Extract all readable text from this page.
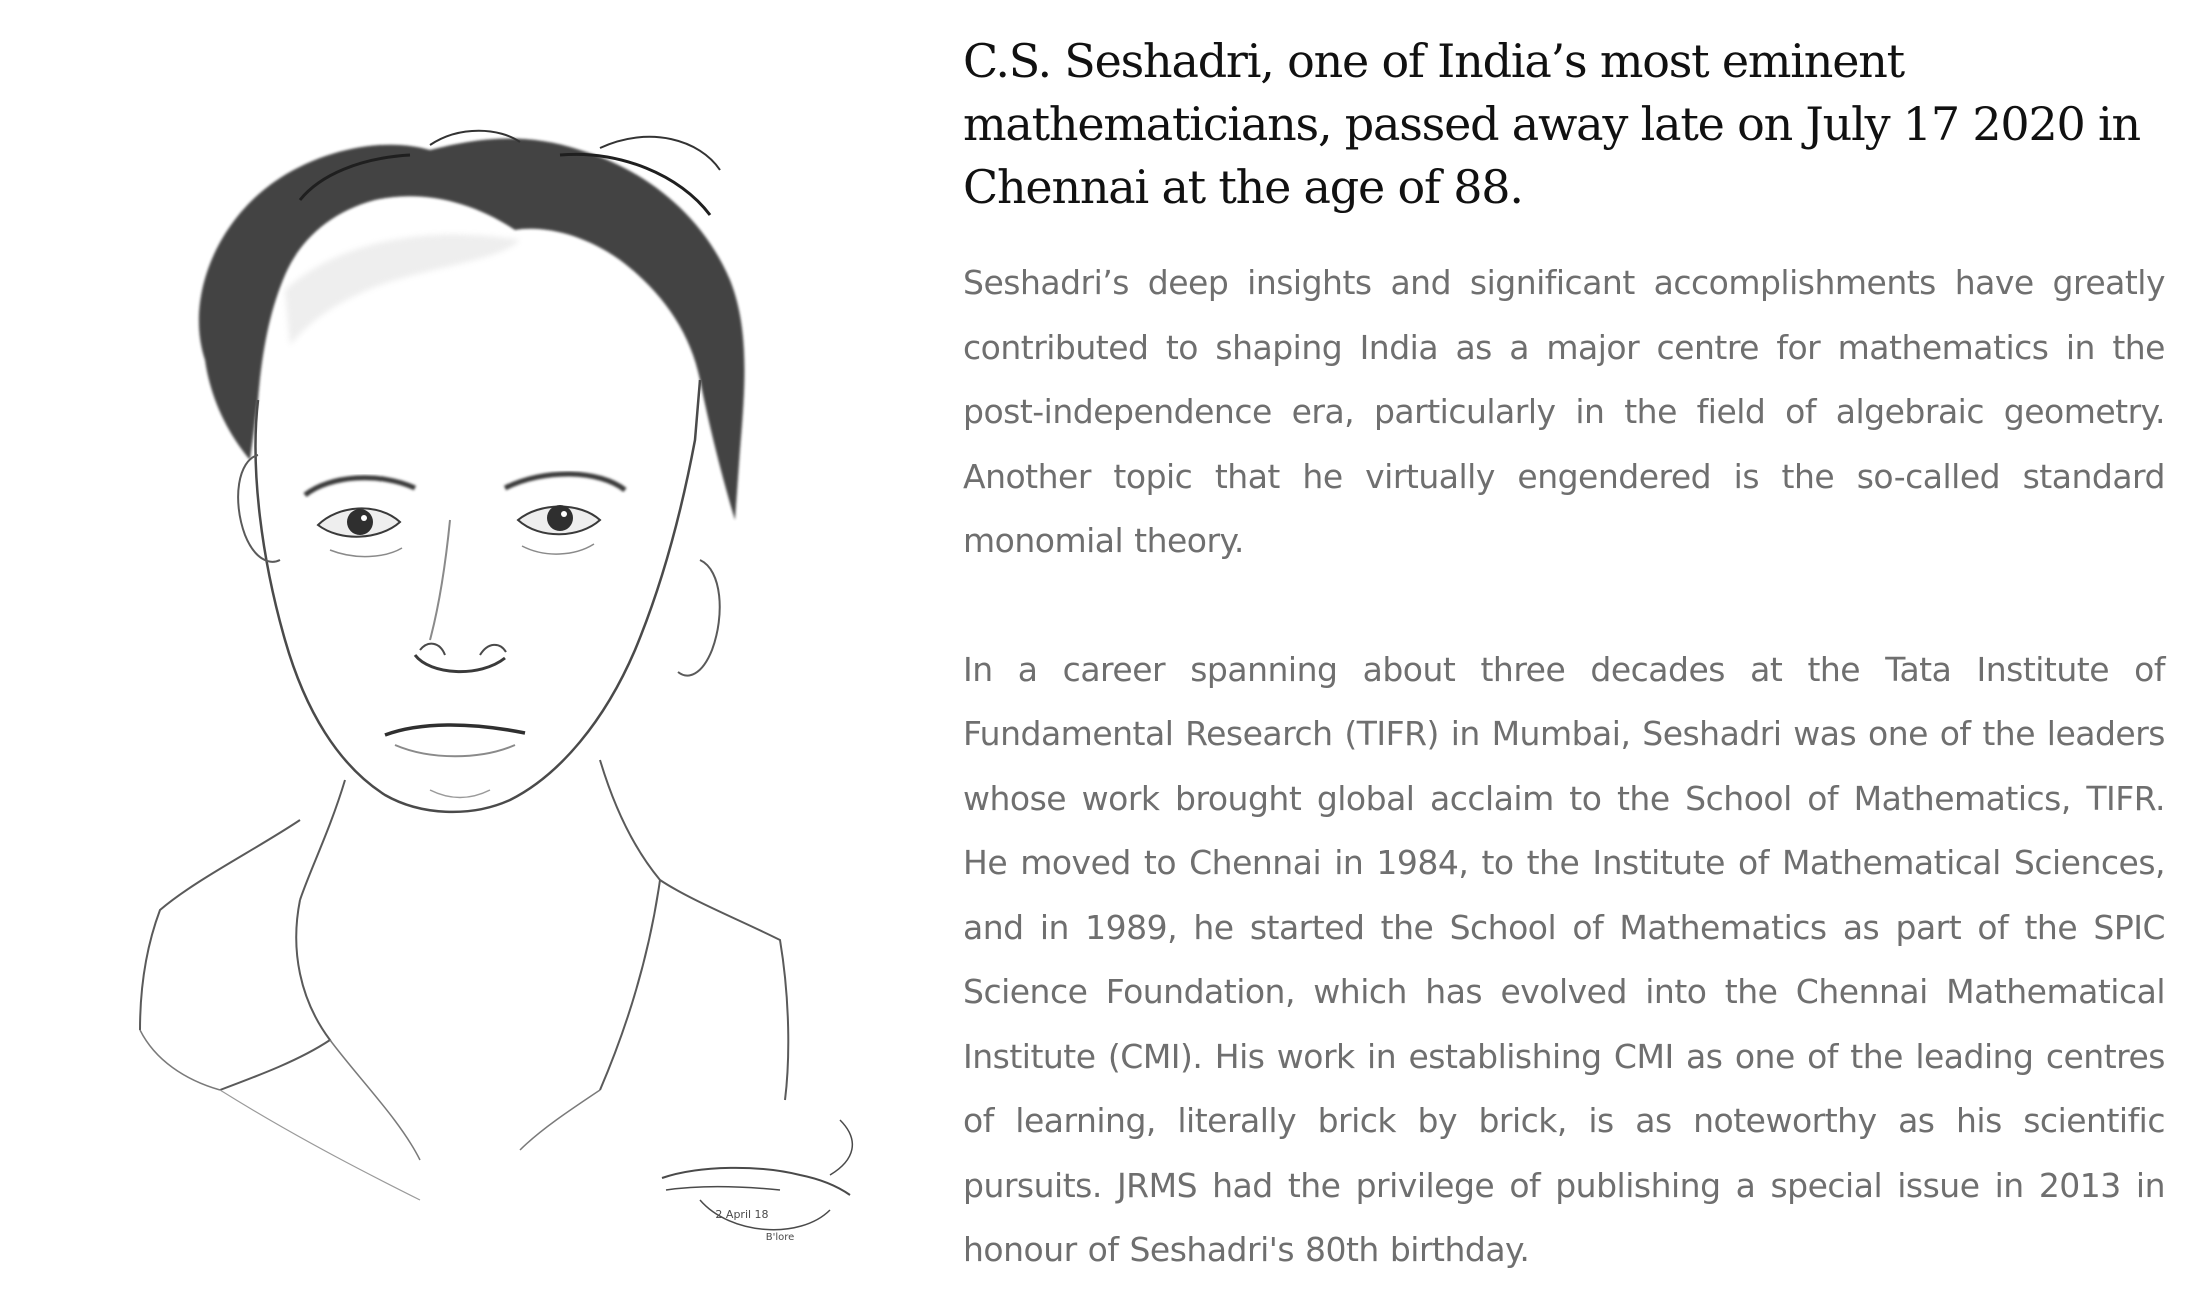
2 April 18
B'lore
C.S. Seshadri, one of India’s most eminent mathematicians, passed away late on July 17 2020 in Chennai at the age of 88.

Seshadri’s deep insights and significant accomplishments have greatly contributed to shaping India as a major centre for mathematics in the post-independence era, particularly in the field of algebraic geometry. Another topic that he virtually engendered is the so-called standard monomial theory.

In a career spanning about three decades at the Tata Institute of Fundamental Research (TIFR) in Mumbai, Seshadri was one of the leaders whose work brought global acclaim to the School of Mathematics, TIFR. He moved to Chennai in 1984, to the Institute of Mathematical Sciences, and in 1989, he started the School of Mathematics as part of the SPIC Science Foundation, which has evolved into the Chennai Mathematical Institute (CMI). His work in establishing CMI as one of the leading centres of learning, literally brick by brick, is as noteworthy as his scientific pursuits. JRMS had the privilege of publishing a special issue in 2013 in honour of Seshadri's 80th birthday.
